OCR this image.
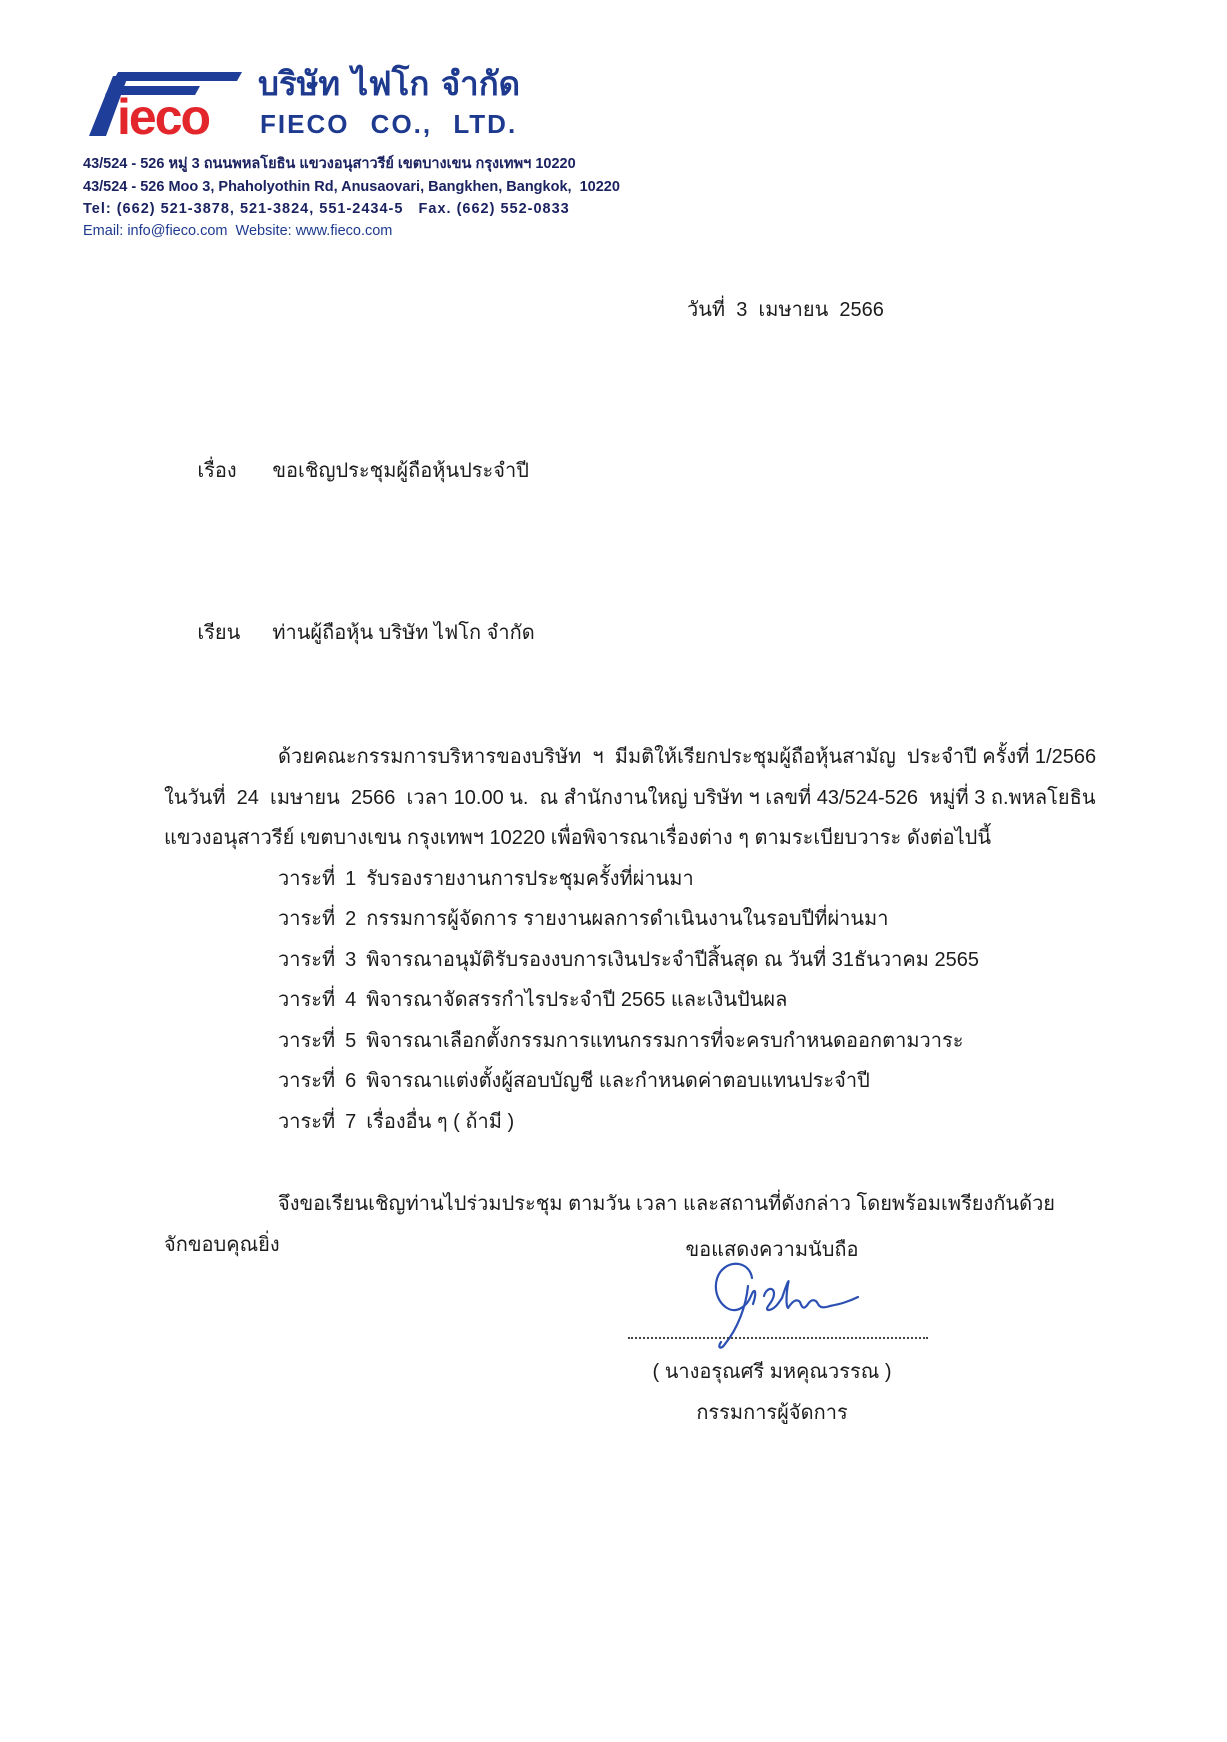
ieco
บริษัท ไฟโก จำกัด
FIECO CO., LTD.
43/524 - 526 หมู่ 3 ถนนพหลโยธิน แขวงอนุสาวรีย์ เขตบางเขน กรุงเทพฯ 10220
43/524 - 526 Moo 3, Phaholyothin Rd, Anusaovari, Bangkhen, Bangkok,  10220
Tel: (662) 521-3878, 521-3824, 551-2434-5   Fax. (662) 552-0833
Email: info@fieco.com  Website: www.fieco.com
วันที่  3  เมษายน  2566

เรื่อง ขอเชิญประชุมผู้ถือหุ้นประจำปี

เรียน ท่านผู้ถือหุ้น บริษัท ไฟโก จำกัด

ด้วยคณะกรรมการบริหารของบริษัท  ฯ  มีมติให้เรียกประชุมผู้ถือหุ้นสามัญ  ประจำปี ครั้งที่ 1/2566
ในวันที่  24  เมษายน  2566  เวลา 10.00 น.  ณ สำนักงานใหญ่ บริษัท ฯ เลขที่ 43/524-526  หมู่ที่ 3 ถ.พหลโยธิน
แขวงอนุสาวรีย์ เขตบางเขน กรุงเทพฯ 10220 เพื่อพิจารณาเรื่องต่าง ๆ ตามระเบียบวาระ ดังต่อไปนี้
วาระที่ 1 รับรองรายงานการประชุมครั้งที่ผ่านมา
วาระที่ 2 กรรมการผู้จัดการ รายงานผลการดำเนินงานในรอบปีที่ผ่านมา
วาระที่ 3 พิจารณาอนุมัติรับรองงบการเงินประจำปีสิ้นสุด ณ วันที่ 31ธันวาคม 2565
วาระที่ 4 พิจารณาจัดสรรกำไรประจำปี 2565 และเงินปันผล
วาระที่ 5 พิจารณาเลือกตั้งกรรมการแทนกรรมการที่จะครบกำหนดออกตามวาระ
วาระที่ 6 พิจารณาแต่งตั้งผู้สอบบัญชี และกำหนดค่าตอบแทนประจำปี
วาระที่ 7 เรื่องอื่น ๆ ( ถ้ามี )
จึงขอเรียนเชิญท่านไปร่วมประชุม ตามวัน เวลา และสถานที่ดังกล่าว โดยพร้อมเพรียงกันด้วย
จักขอบคุณยิ่ง	ขอแสดงความนับถือ
( นางอรุณศรี มหคุณวรรณ )
กรรมการผู้จัดการ
